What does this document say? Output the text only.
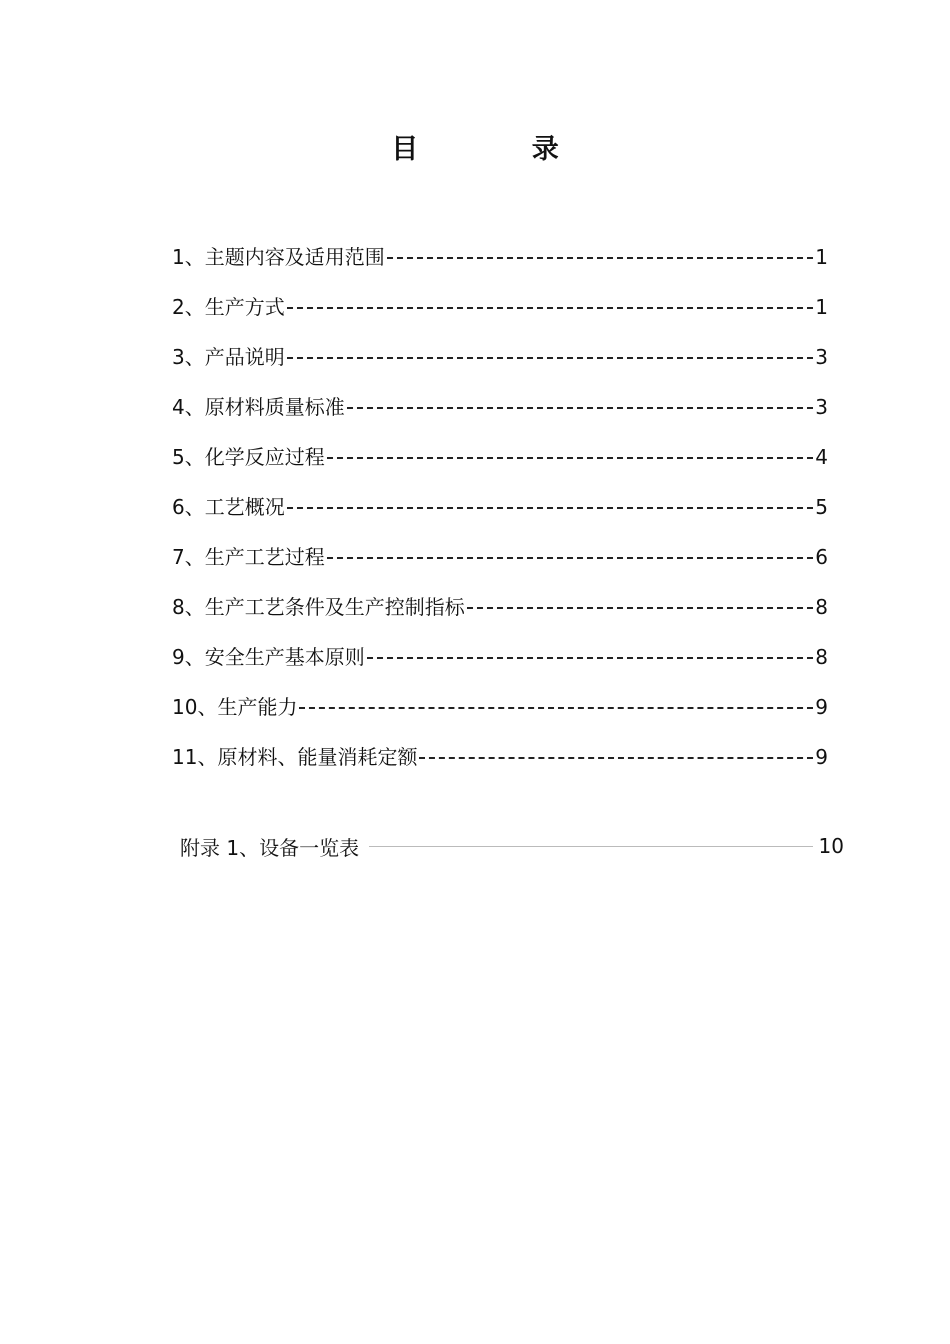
目 录
1、主题内容及适用范围	1
2、生产方式	1
3、产品说明	3
4、原材料质量标准	3
5、化学反应过程	4
6、工艺概况	5
7、生产工艺过程	6
8、生产工艺条件及生产控制指标	8
9、安全生产基本原则	8
10、生产能力	9
11、原材料、能量消耗定额	9
附录 1、设备一览表	10
